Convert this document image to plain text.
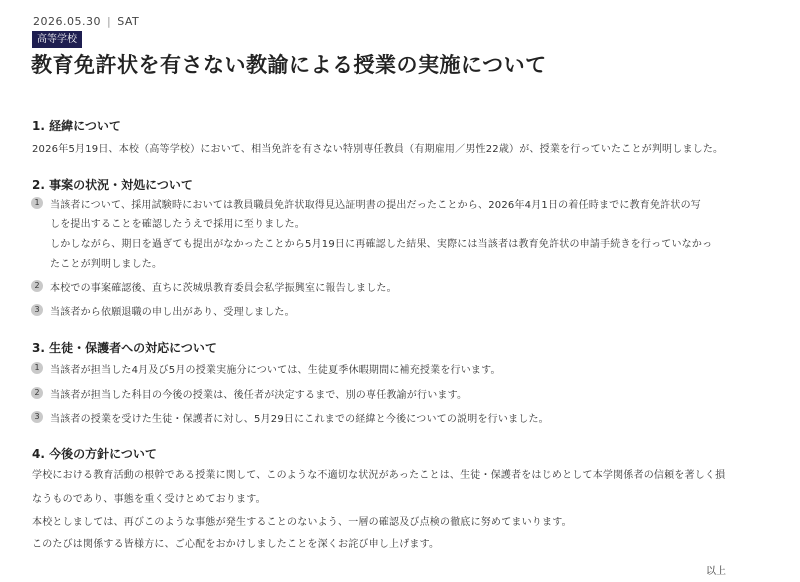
2026.05.30 | SAT
高等学校
教育免許状を有さない教諭による授業の実施について
1. 経緯について

2026年5月19日、本校（高等学校）において、相当免許を有さない特別専任教員（有期雇用／男性22歳）が、授業を行っていたことが判明しました。

2. 事案の状況・対処について
1	当該者について、採用試験時においては教員職員免許状取得見込証明書の提出だったことから、2026年4月1日の着任時までに教育免許状の写
しを提出することを確認したうえで採用に至りました。
しかしながら、期日を過ぎても提出がなかったことから5月19日に再確認した結果、実際には当該者は教育免許状の申請手続きを行っていなかっ
たことが判明しました。
2	本校での事案確認後、直ちに茨城県教育委員会私学振興室に報告しました。
3	当該者から依願退職の申し出があり、受理しました。
3. 生徒・保護者への対応について
1	当該者が担当した4月及び5月の授業実施分については、生徒夏季休暇期間に補充授業を行います。
2	当該者が担当した科目の今後の授業は、後任者が決定するまで、別の専任教諭が行います。
3	当該者の授業を受けた生徒・保護者に対し、5月29日にこれまでの経緯と今後についての説明を行いました。
4. 今後の方針について

学校における教育活動の根幹である授業に関して、このような不適切な状況があったことは、生徒・保護者をはじめとして本学関係者の信頼を著しく損

なうものであり、事態を重く受けとめております。

本校としましては、再びこのような事態が発生することのないよう、一層の確認及び点検の徹底に努めてまいります。

このたびは関係する皆様方に、ご心配をおかけしましたことを深くお詫び申し上げます。

以上
